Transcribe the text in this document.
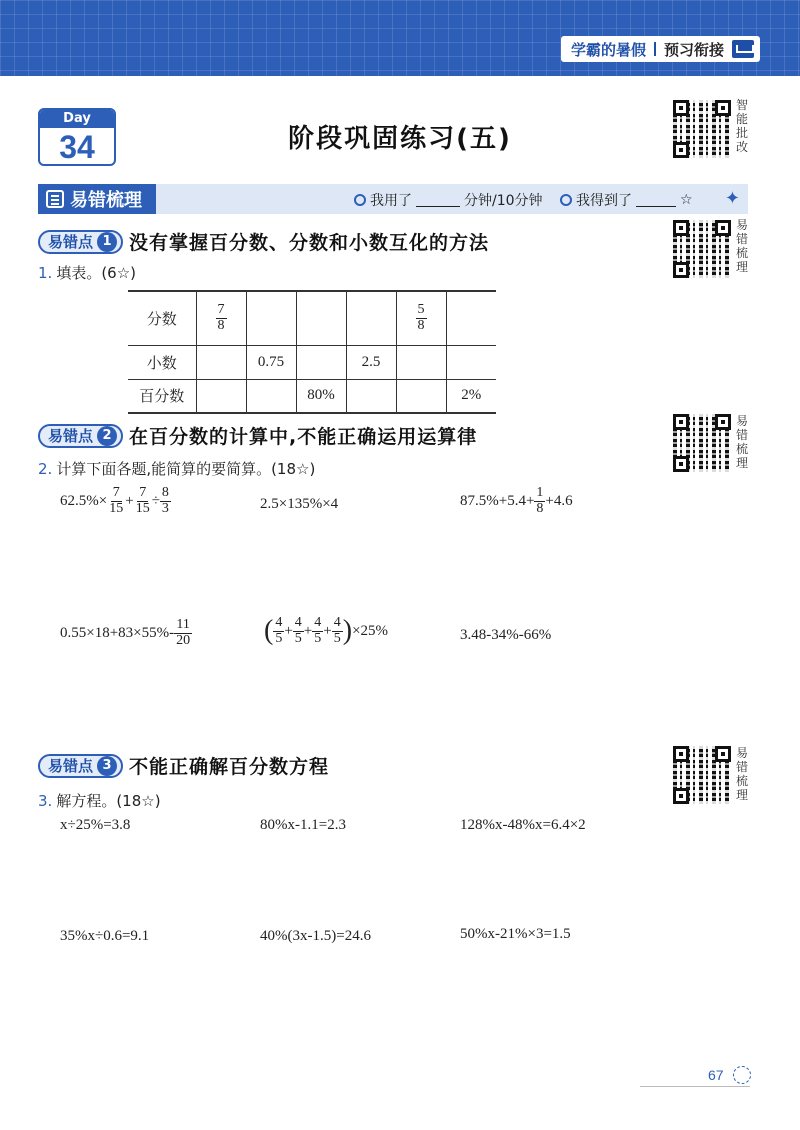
学霸的暑假 预习衔接
Day
34	阶段巩固练习(五)
智
能
批
改
易
错
梳
理
易
错
梳
理
易
错
梳
理
易错梳理	我用了	分钟/10分钟 我得到了	☆ ✦
易错点 1 没有掌握百分数、分数和小数互化的方法
1. 填表。(6☆)
分数	$\frac{7}{8}$				$\frac{5}{8}$

小数		0.75		2.5		
百分数			80%			2%
易错点 2 在百分数的计算中,不能正确运用运算律
2. 计算下面各题,能简算的要简算。(18☆)
$62.5\%\times \frac{7}{15} + \frac{7}{15} \div \frac{8}{3}$	2.5×135%×4	$87.5\%+5.4+ \frac{1}{8} +4.6$
$0.55\times 18+83\times 55\%- \frac{11}{20}$	( $\frac{4}{5} + \frac{4}{5} + \frac{4}{5} + \frac{4}{5}$ ) ×25%	3.48-34%-66%
易错点 3 不能正确解百分数方程
3. 解方程。(18☆)
x÷25%=3.8	80%x-1.1=2.3	128%x-48%x=6.4×2
35%x÷0.6=9.1	40%(3x-1.5)=24.6	50%x-21%×3=1.5
67
